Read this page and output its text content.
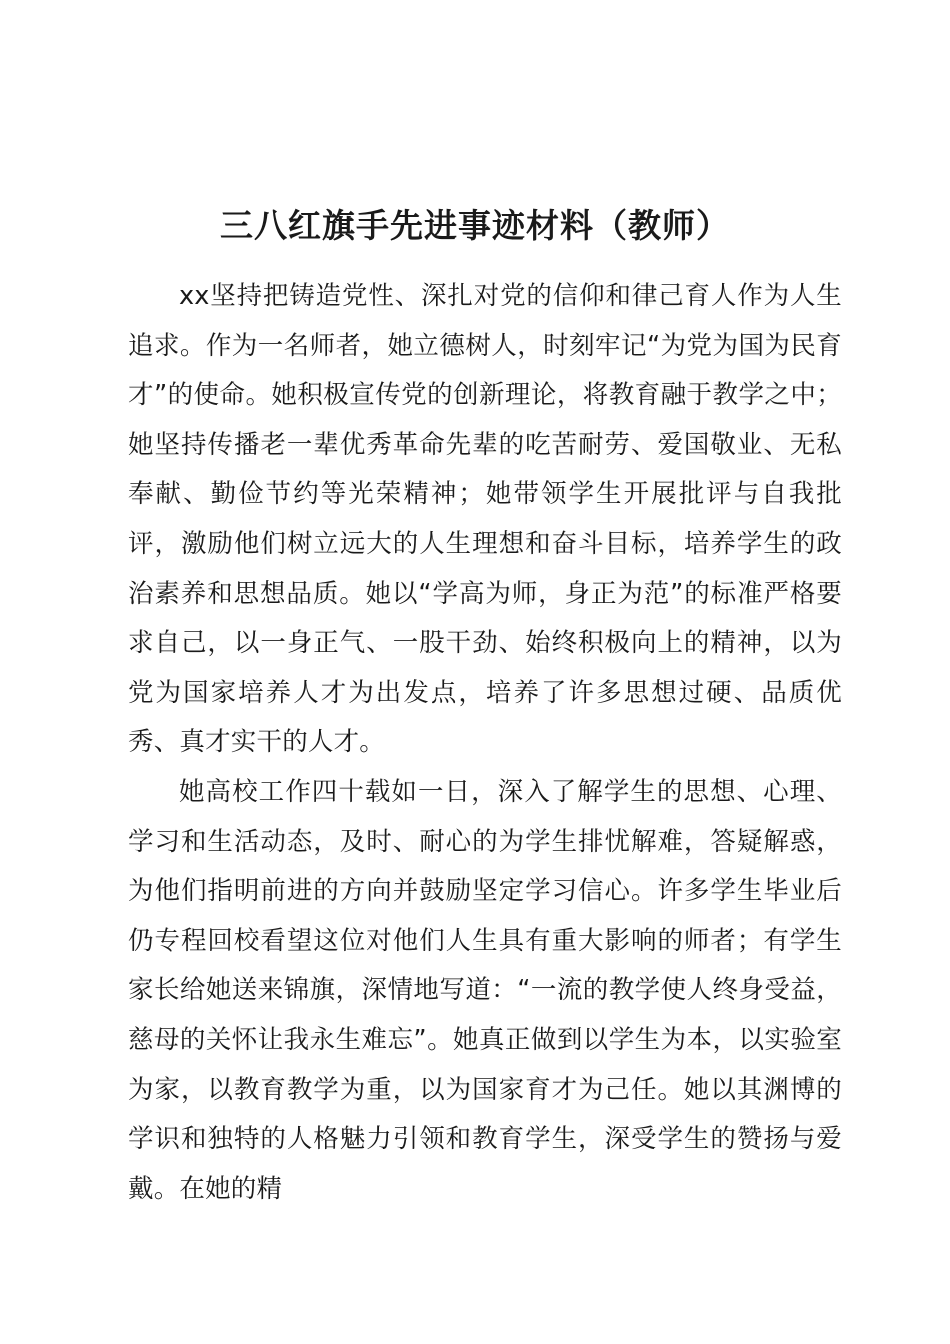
三八红旗手先进事迹材料（教师）

xx坚持把铸造党性、深扎对党的信仰和律己育人作为人生追求。作为一名师者，她立德树人，时刻牢记“为党为国为民育才”的使命。她积极宣传党的创新理论，将教育融于教学之中；她坚持传播老一辈优秀革命先辈的吃苦耐劳、爱国敬业、无私奉献、勤俭节约等光荣精神；她带领学生开展批评与自我批评，激励他们树立远大的人生理想和奋斗目标，培养学生的政治素养和思想品质。她以“学高为师，身正为范”的标准严格要求自己，以一身正气、一股干劲、始终积极向上的精神，以为党为国家培养人才为出发点，培养了许多思想过硬、品质优秀、真才实干的人才。

她高校工作四十载如一日，深入了解学生的思想、心理、学习和生活动态，及时、耐心的为学生排忧解难，答疑解惑，为他们指明前进的方向并鼓励坚定学习信心。许多学生毕业后仍专程回校看望这位对他们人生具有重大影响的师者；有学生家长给她送来锦旗，深情地写道：“一流的教学使人终身受益，慈母的关怀让我永生难忘”。她真正做到以学生为本，以实验室为家，以教育教学为重，以为国家育才为己任。她以其渊博的学识和独特的人格魅力引领和教育学生，深受学生的赞扬与爱戴。在她的精
